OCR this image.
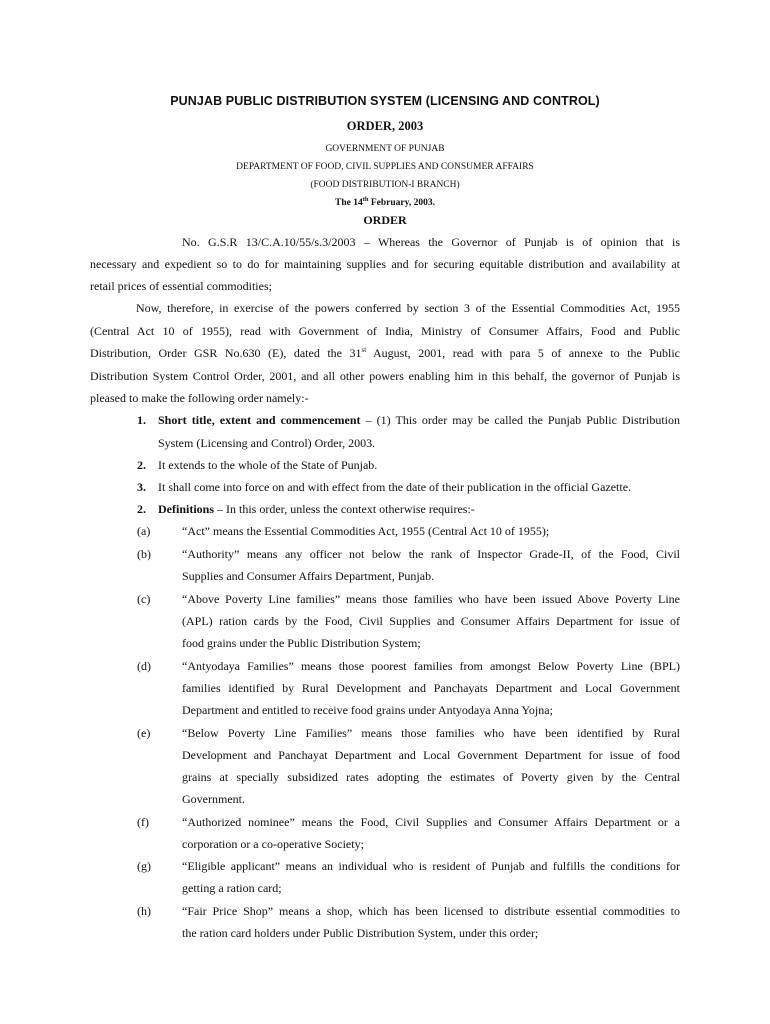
PUNJAB PUBLIC DISTRIBUTION SYSTEM (LICENSING AND CONTROL)
ORDER, 2003
GOVERNMENT OF PUNJAB
DEPARTMENT OF FOOD, CIVIL SUPPLIES AND CONSUMER AFFAIRS
(FOOD DISTRIBUTION-I BRANCH)
The 14th February, 2003.
ORDER
No. G.S.R 13/C.A.10/55/s.3/2003 – Whereas the Governor of Punjab is of opinion that is
necessary and expedient so to do for maintaining supplies and for securing equitable distribution and availability at
retail prices of essential commodities;
Now, therefore, in exercise of the powers conferred by section 3 of the Essential Commodities Act, 1955
(Central Act 10 of 1955), read with Government of India, Ministry of Consumer Affairs, Food and Public
Distribution, Order GSR No.630 (E), dated the 31st August, 2001, read with para 5 of annexe to the Public
Distribution System Control Order, 2001, and all other powers enabling him in this behalf, the governor of Punjab is
pleased to make the following order namely:-
1. Short title, extent and commencement – (1) This order may be called the Punjab Public Distribution
System (Licensing and Control) Order, 2003.
2. It extends to the whole of the State of Punjab.
3. It shall come into force on and with effect from the date of their publication in the official Gazette.
2. Definitions – In this order, unless the context otherwise requires:-
(a)	“Act” means the Essential Commodities Act, 1955 (Central Act 10 of 1955);
(b)	“Authority” means any officer not below the rank of Inspector Grade-II, of the Food, Civil
Supplies and Consumer Affairs Department, Punjab.
(c)	“Above Poverty Line families” means those families who have been issued Above Poverty Line
(APL) ration cards by the Food, Civil Supplies and Consumer Affairs Department for issue of
food grains under the Public Distribution System;
(d)	“Antyodaya Families” means those poorest families from amongst Below Poverty Line (BPL)
families identified by Rural Development and Panchayats Department and Local Government
Department and entitled to receive food grains under Antyodaya Anna Yojna;
(e)	“Below Poverty Line Families” means those families who have been identified by Rural
Development and Panchayat Department and Local Government Department for issue of food
grains at specially subsidized rates adopting the estimates of Poverty given by the Central
Government.
(f)	“Authorized nominee” means the Food, Civil Supplies and Consumer Affairs Department or a
corporation or a co-operative Society;
(g)	“Eligible applicant” means an individual who is resident of Punjab and fulfills the conditions for
getting a ration card;
(h)	“Fair Price Shop” means a shop, which has been licensed to distribute essential commodities to
the ration card holders under Public Distribution System, under this order;
